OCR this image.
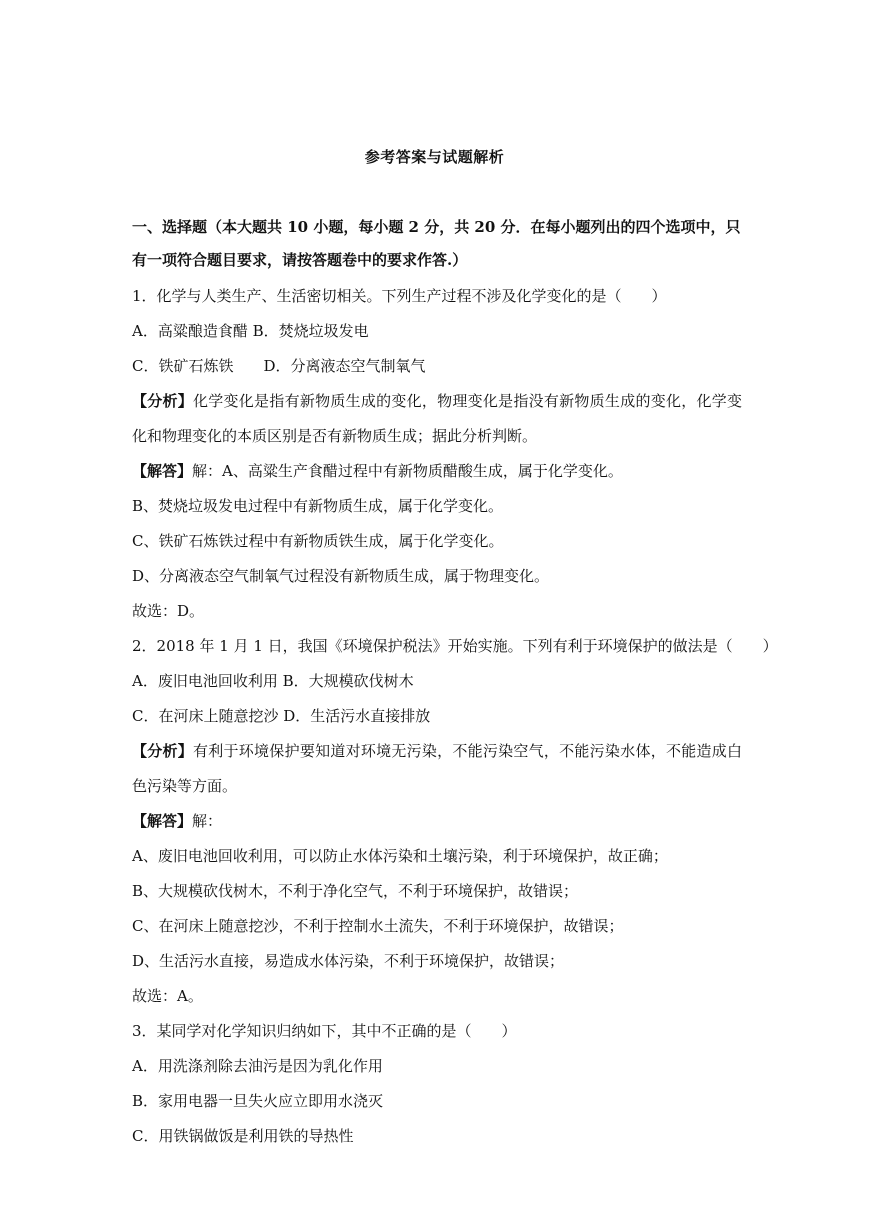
参考答案与试题解析

一、选择题（本大题共 10 小题，每小题 2 分，共 20 分．在每小题列出的四个选项中，只有一项符合题目要求，请按答题卷中的要求作答.）

1．化学与人类生产、生活密切相关。下列生产过程不涉及化学变化的是（　　）

A．高粱酿造食醋 B．焚烧垃圾发电

C．铁矿石炼铁　　D．分离液态空气制氧气

【分析】化学变化是指有新物质生成的变化，物理变化是指没有新物质生成的变化，化学变化和物理变化的本质区别是否有新物质生成；据此分析判断。

【解答】解：A、高粱生产食醋过程中有新物质醋酸生成，属于化学变化。

B、焚烧垃圾发电过程中有新物质生成，属于化学变化。

C、铁矿石炼铁过程中有新物质铁生成，属于化学变化。

D、分离液态空气制氧气过程没有新物质生成，属于物理变化。

故选：D。

2．2018 年 1 月 1 日，我国《环境保护税法》开始实施。下列有利于环境保护的做法是（　　）

A．废旧电池回收利用 B．大规模砍伐树木

C．在河床上随意挖沙 D．生活污水直接排放

【分析】有利于环境保护要知道对环境无污染，不能污染空气，不能污染水体，不能造成白色污染等方面。

【解答】解：

A、废旧电池回收利用，可以防止水体污染和土壤污染，利于环境保护，故正确；

B、大规模砍伐树木，不利于净化空气，不利于环境保护，故错误；

C、在河床上随意挖沙，不利于控制水土流失，不利于环境保护，故错误；

D、生活污水直接，易造成水体污染，不利于环境保护，故错误；

故选：A。

3．某同学对化学知识归纳如下，其中不正确的是（　　）

A．用洗涤剂除去油污是因为乳化作用

B．家用电器一旦失火应立即用水浇灭

C．用铁锅做饭是利用铁的导热性
